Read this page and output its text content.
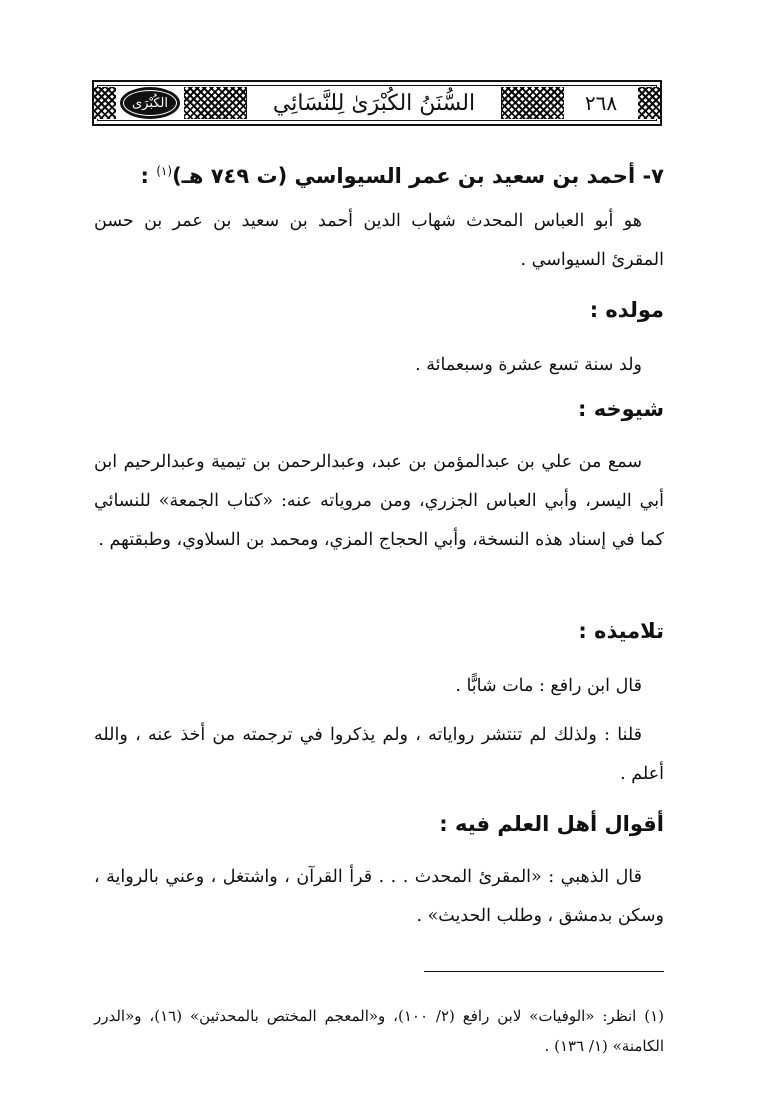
الكُبْرَى	السُّنَنُ الكُبْرَىٰ لِلنَّسَائِي	٢٦٨
٧- أحمد بن سعيد بن عمر السيواسي (ت ٧٤٩ هـ)$^{(١)}$ :

هو أبو العباس المحدث شهاب الدين أحمد بن سعيد بن عمر بن حسن المقرئ السيواسي .

مولده :

ولد سنة تسع عشرة وسبعمائة .

شيوخه :

سمع من علي بن عبدالمؤمن بن عبد، وعبدالرحمن بن تيمية وعبدالرحيم ابن أبي اليسر، وأبي العباس الجزري، ومن مروياته عنه: «كتاب الجمعة» للنسائي كما في إسناد هذه النسخة، وأبي الحجاج المزي، ومحمد بن السلاوي، وطبقتهم .

تلاميذه :

قال ابن رافع : مات شابًّا .

قلنا : ولذلك لم تنتشر رواياته ، ولم يذكروا في ترجمته من أخذ عنه ، والله أعلم .

أقوال أهل العلم فيه :

قال الذهبي : «المقرئ المحدث . . . قرأ القرآن ، واشتغل ، وعني بالرواية ، وسكن بدمشق ، وطلب الحديث» .

(١) انظر: «الوفيات» لابن رافع (٢/ ١٠٠)، و«المعجم المختص بالمحدثين» (١٦)، و«الدرر الكامنة» (١/ ١٣٦) .
